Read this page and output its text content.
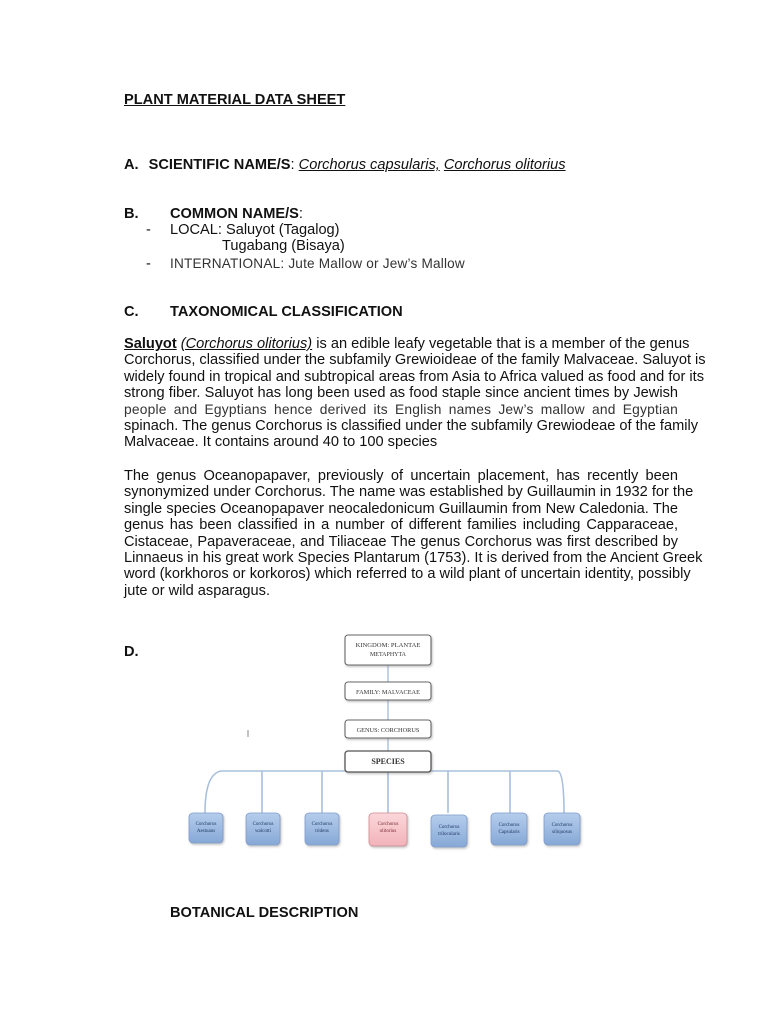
PLANT MATERIAL DATA SHEET
A. SCIENTIFIC NAME/S: Corchorus capsularis, Corchorus olitorius
B. COMMON NAME/S:
- LOCAL: Saluyot (Tagalog)
Tugabang (Bisaya)
- INTERNATIONAL: Jute Mallow or Jew’s Mallow
C. TAXONOMICAL CLASSIFICATION
Saluyot (Corchorus olitorius) is an edible leafy vegetable that is a member of the genus
Corchorus, classified under the subfamily Grewioideae of the family Malvaceae. Saluyot is
widely found in tropical and subtropical areas from Asia to Africa valued as food and for its
strong fiber. Saluyot has long been used as food staple since ancient times by Jewish
people and Egyptians hence derived its English names Jew’s mallow and Egyptian
spinach. The genus Corchorus is classified under the subfamily Grewiodeae of the family
Malvaceae. It contains around 40 to 100 species
The genus Oceanopapaver, previously of uncertain placement, has recently been
synonymized under Corchorus. The name was established by Guillaumin in 1932 for the
single species Oceanopapaver neocaledonicum Guillaumin from New Caledonia. The
genus has been classified in a number of different families including Capparaceae,
Cistaceae, Papaveraceae, and Tiliaceae The genus Corchorus was first described by
Linnaeus in his great work Species Plantarum (1753). It is derived from the Ancient Greek
word (korkhoros or korkoros) which referred to a wild plant of uncertain identity, possibly
jute or wild asparagus.
D.	KINGDOM: PLANTAE
METAPHYTA
FAMILY: MALVACEAE
GENUS: CORCHORUS
SPECIES
Corchorus
Aestuans
Corchorus
walcotti
Corchorus
tridens
Corchorus
olitorius
Corchorus
trilocularis
Corchorus
Capsularis
Corchorus
siliquosus
BOTANICAL DESCRIPTION
